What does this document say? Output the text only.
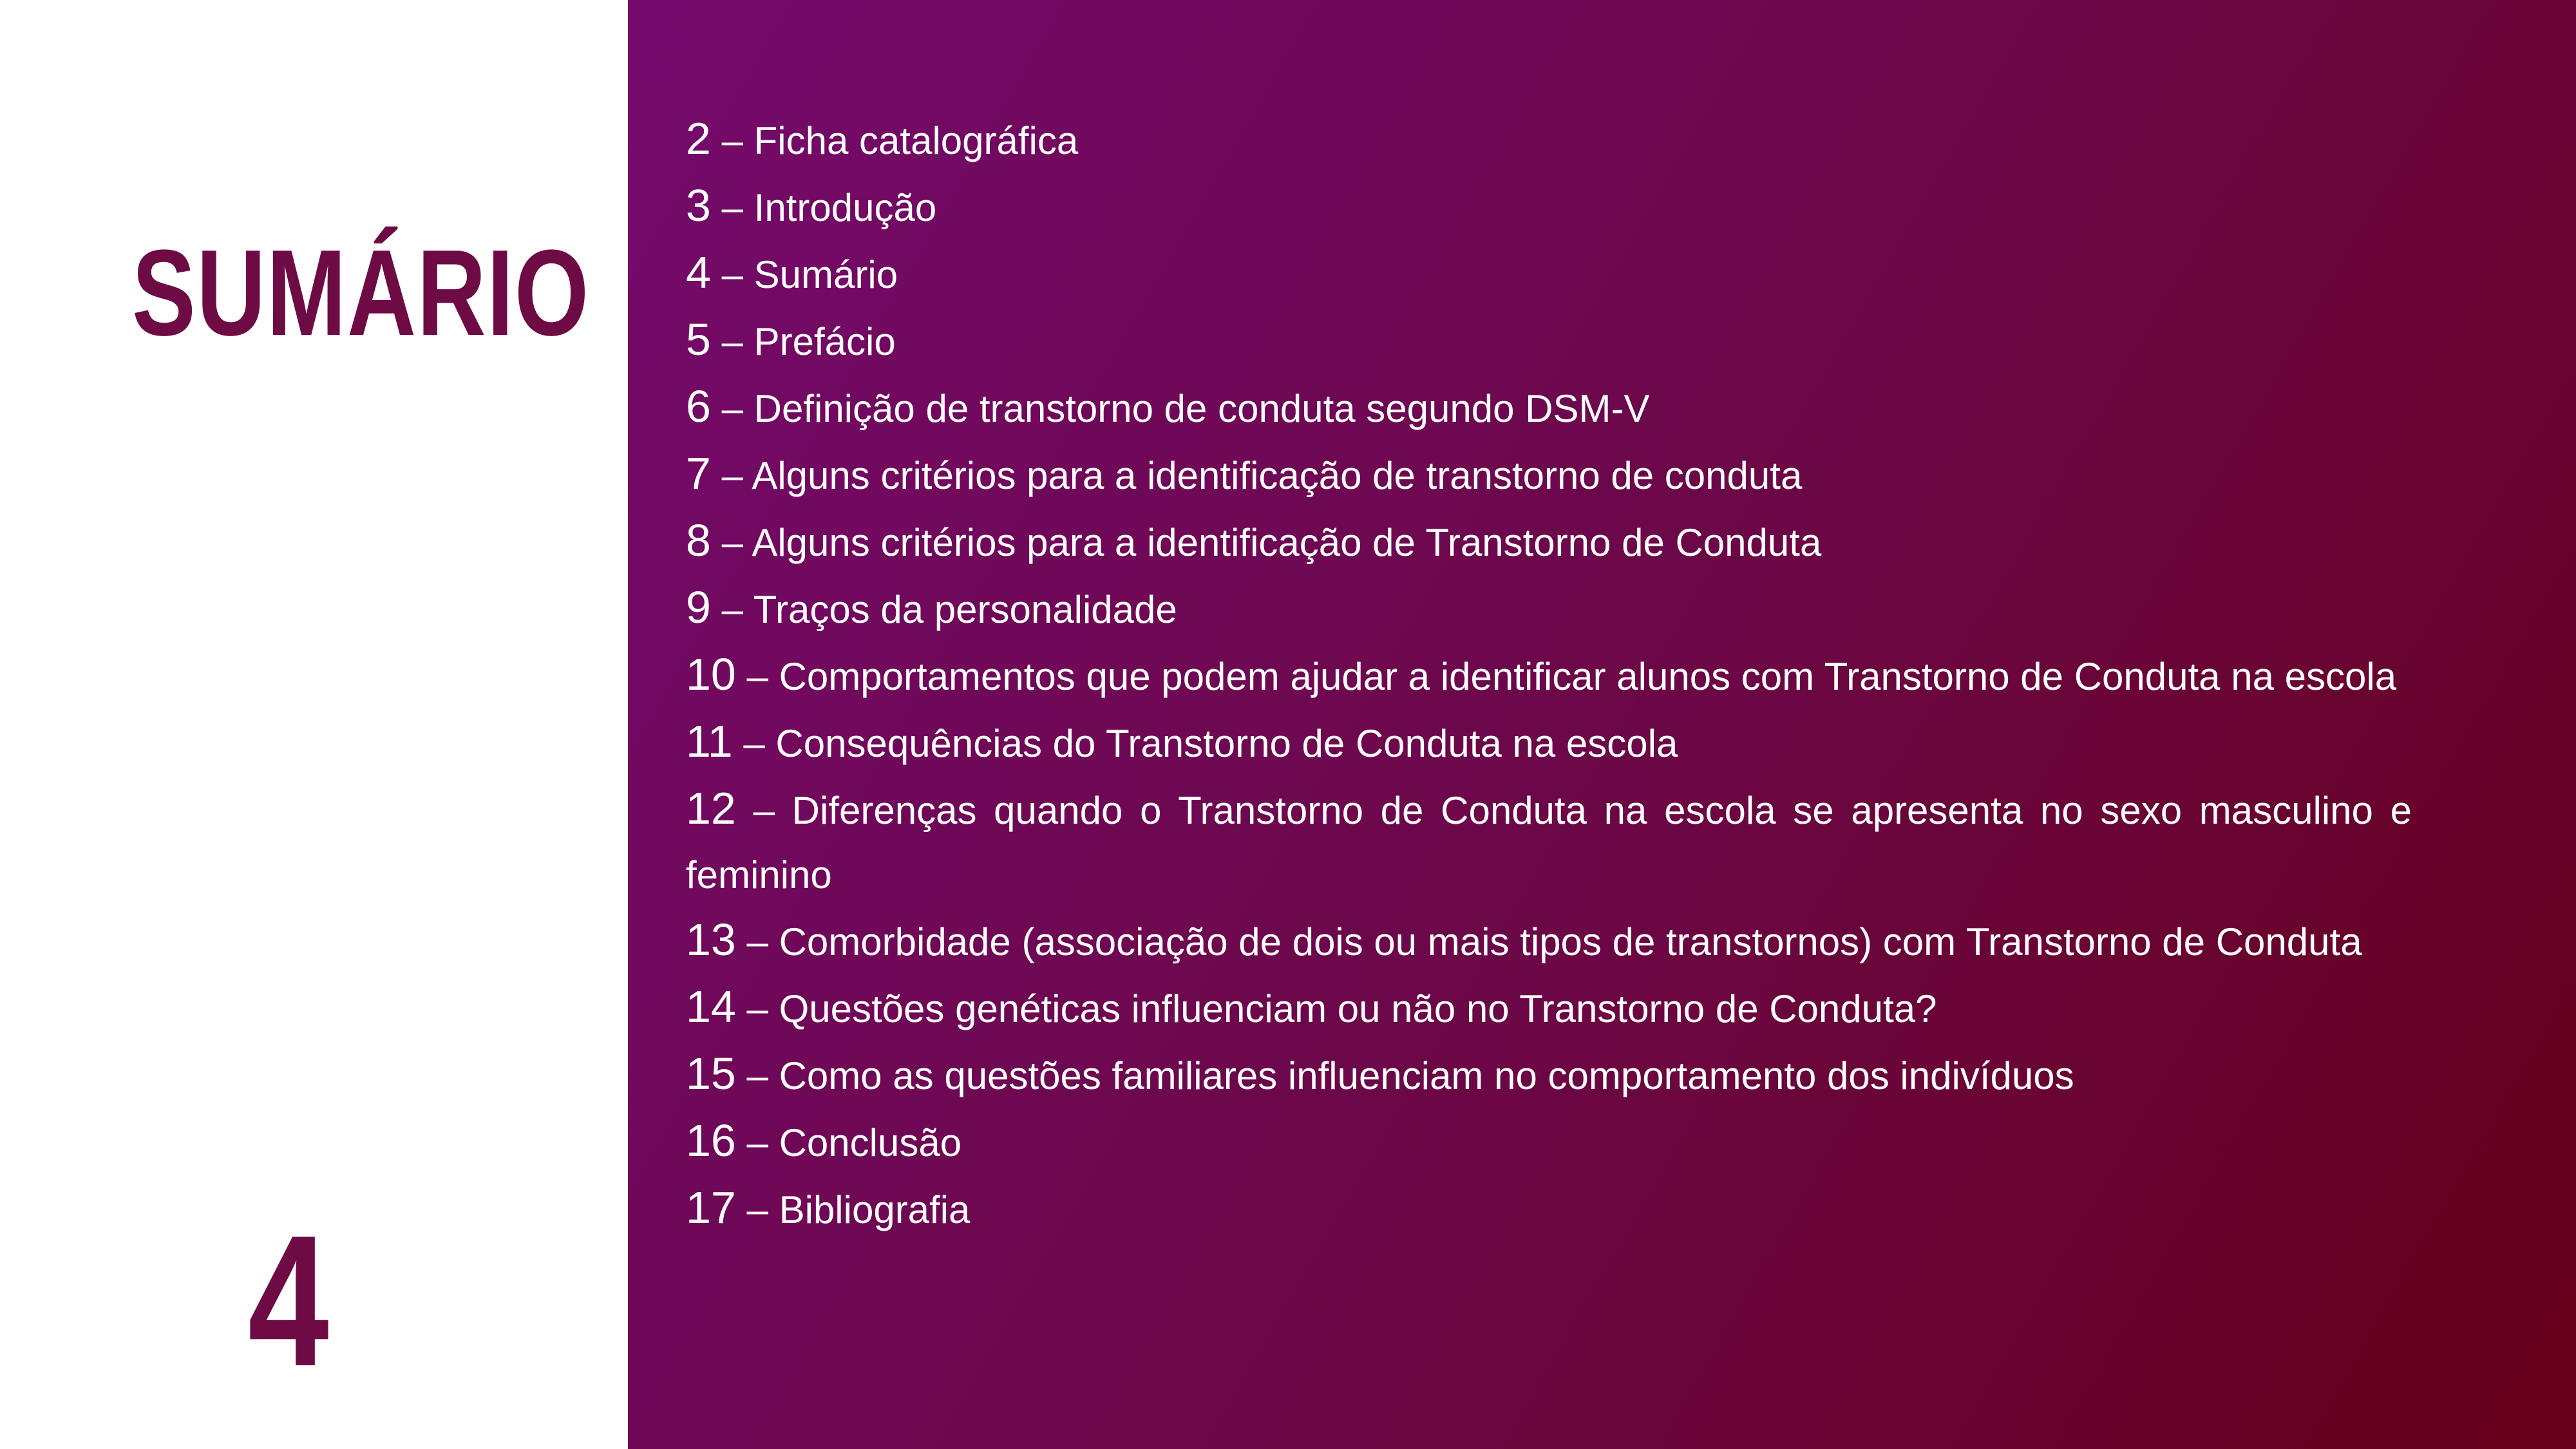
SUMÁRIO
4
2 – Ficha catalográfica
3 – Introdução
4 – Sumário
5 – Prefácio
6 – Definição de transtorno de conduta segundo DSM-V
7 – Alguns critérios para a identificação de transtorno de conduta
8 – Alguns critérios para a identificação de Transtorno de Conduta
9 – Traços da personalidade
10 – Comportamentos que podem ajudar a identificar alunos com Transtorno de Conduta na escola
11 – Consequências do Transtorno de Conduta na escola
12 – Diferenças quando o Transtorno de Conduta na escola se apresenta no sexo masculino e feminino
13 – Comorbidade (associação de dois ou mais tipos de transtornos) com Transtorno de Conduta
14 – Questões genéticas influenciam ou não no Transtorno de Conduta?
15 – Como as questões familiares influenciam no comportamento dos indivíduos
16 – Conclusão
17 – Bibliografia
